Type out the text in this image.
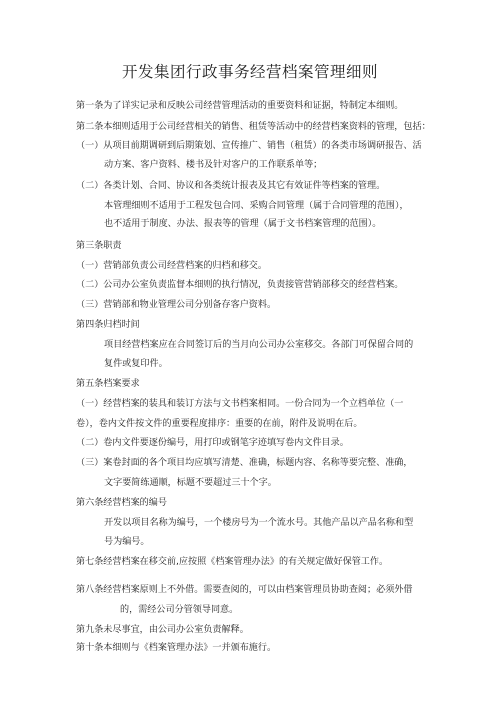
开发集团行政事务经营档案管理细则
第一条为了详实记录和反映公司经营管理活动的重要资料和证据，特制定本细则。
第二条本细则适用于公司经营相关的销售、租赁等活动中的经营档案资料的管理，包括：
（一）从项目前期调研到后期策划、宣传推广、销售（租赁）的各类市场调研报告、活
动方案、客户资料、楼书及针对客户的工作联系单等；
（二）各类计划、合同、协议和各类统计报表及其它有效证件等档案的管理。
本管理细则不适用于工程发包合同、采购合同管理（属于合同管理的范围），
也不适用于制度、办法、报表等的管理（属于文书档案管理的范围）。
第三条职责
（一）营销部负责公司经营档案的归档和移交。
（二）公司办公室负责监督本细则的执行情况，负责接管营销部移交的经营档案。
（三）营销部和物业管理公司分别备存客户资料。
第四条归档时间
项目经营档案应在合同签订后的当月向公司办公室移交。各部门可保留合同的
复件或复印件。
第五条档案要求
（一）经营档案的装具和装订方法与文书档案相同。一份合同为一个立档单位（一
卷），卷内文件按文件的重要程度排序：重要的在前，附件及说明在后。
（二）卷内文件要逐份编号，用打印或钢笔字迹填写卷内文件目录。
（三）案卷封面的各个项目均应填写清楚、准确，标题内容、名称等要完整、准确，
文字要简练通顺，标题不要超过三十个字。
第六条经营档案的编号
开发以项目名称为编号，一个楼房号为一个流水号。其他产品以产品名称和型
号为编号。
第七条经营档案在移交前,应按照《档案管理办法》的有关规定做好保管工作。
第八条经营档案原则上不外借。需要查阅的，可以由档案管理员协助查阅；必须外借
的，需经公司分管领导同意。
第九条未尽事宜，由公司办公室负责解释。
第十条本细则与《档案管理办法》一并颁布施行。
